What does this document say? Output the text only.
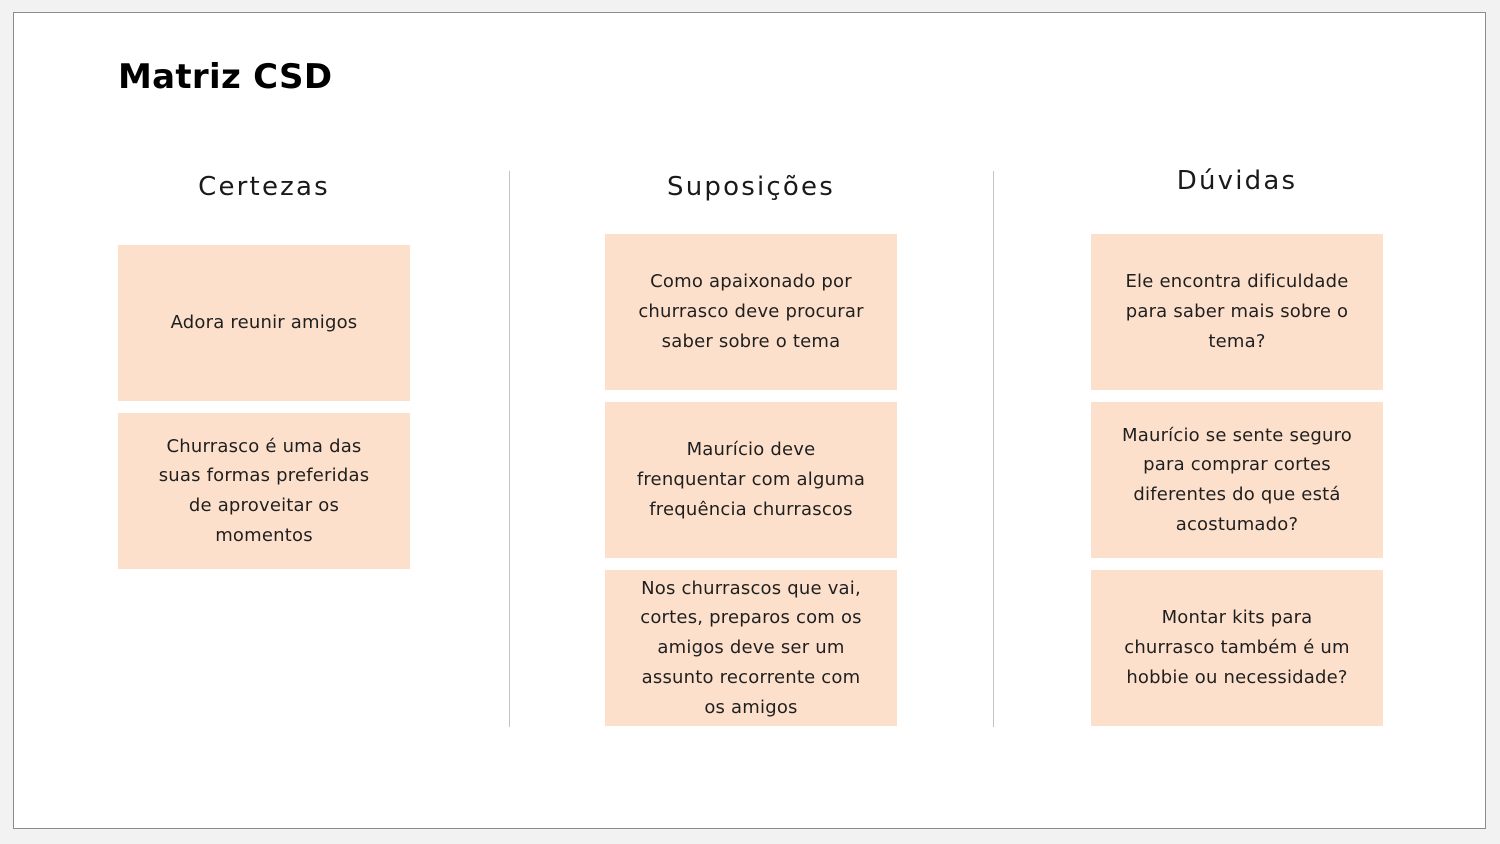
Matriz CSD
Certezas
Adora reunir amigos
Churrasco é uma das suas formas preferidas de aproveitar os momentos
Suposições
Como apaixonado por churrasco deve procurar saber sobre o tema
Maurício deve frenquentar com alguma frequência churrascos
Nos churrascos que vai, cortes, preparos com os amigos deve ser um assunto recorrente com os amigos
Dúvidas
Ele encontra dificuldade para saber mais sobre o tema?
Maurício se sente seguro para comprar cortes diferentes do que está acostumado?
Montar kits para churrasco também é um hobbie ou necessidade?
